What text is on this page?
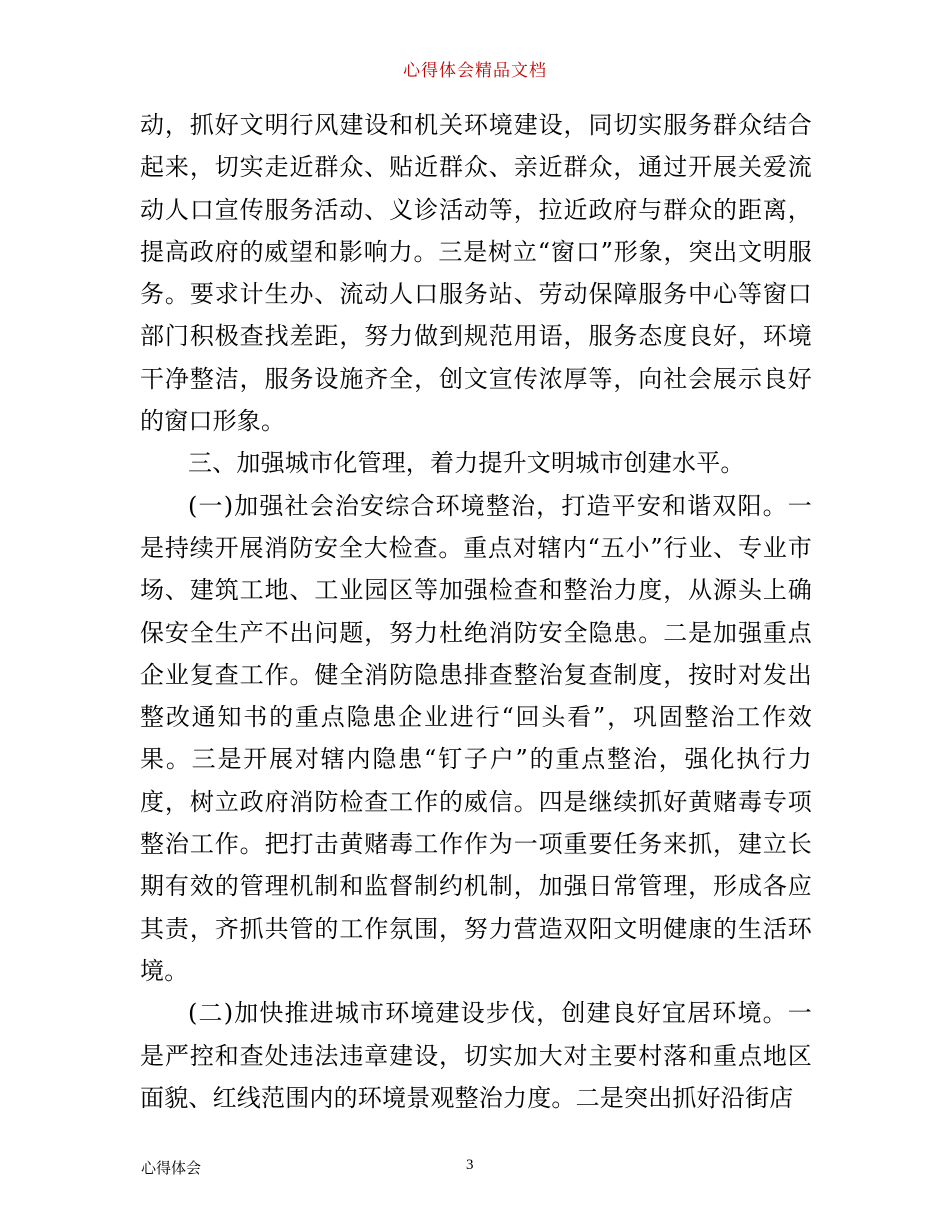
心得体会精品文档

动，抓好文明行风建设和机关环境建设，同切实服务群众结合起来，切实走近群众、贴近群众、亲近群众，通过开展关爱流动人口宣传服务活动、义诊活动等，拉近政府与群众的距离，提高政府的威望和影响力。三是树立“窗口”形象，突出文明服务。要求计生办、流动人口服务站、劳动保障服务中心等窗口部门积极查找差距，努力做到规范用语，服务态度良好，环境干净整洁，服务设施齐全，创文宣传浓厚等，向社会展示良好的窗口形象。

三、加强城市化管理，着力提升文明城市创建水平。

(一)加强社会治安综合环境整治，打造平安和谐双阳。一是持续开展消防安全大检查。重点对辖内“五小”行业、专业市场、建筑工地、工业园区等加强检查和整治力度，从源头上确保安全生产不出问题，努力杜绝消防安全隐患。二是加强重点企业复查工作。健全消防隐患排查整治复查制度，按时对发出整改通知书的重点隐患企业进行“回头看”，巩固整治工作效果。三是开展对辖内隐患“钉子户”的重点整治，强化执行力度，树立政府消防检查工作的威信。四是继续抓好黄赌毒专项整治工作。把打击黄赌毒工作作为一项重要任务来抓，建立长期有效的管理机制和监督制约机制，加强日常管理，形成各应其责，齐抓共管的工作氛围，努力营造双阳文明健康的生活环境。

(二)加快推进城市环境建设步伐，创建良好宜居环境。一是严控和查处违法违章建设，切实加大对主要村落和重点地区面貌、红线范围内的环境景观整治力度。二是突出抓好沿街店

心得体会	3
